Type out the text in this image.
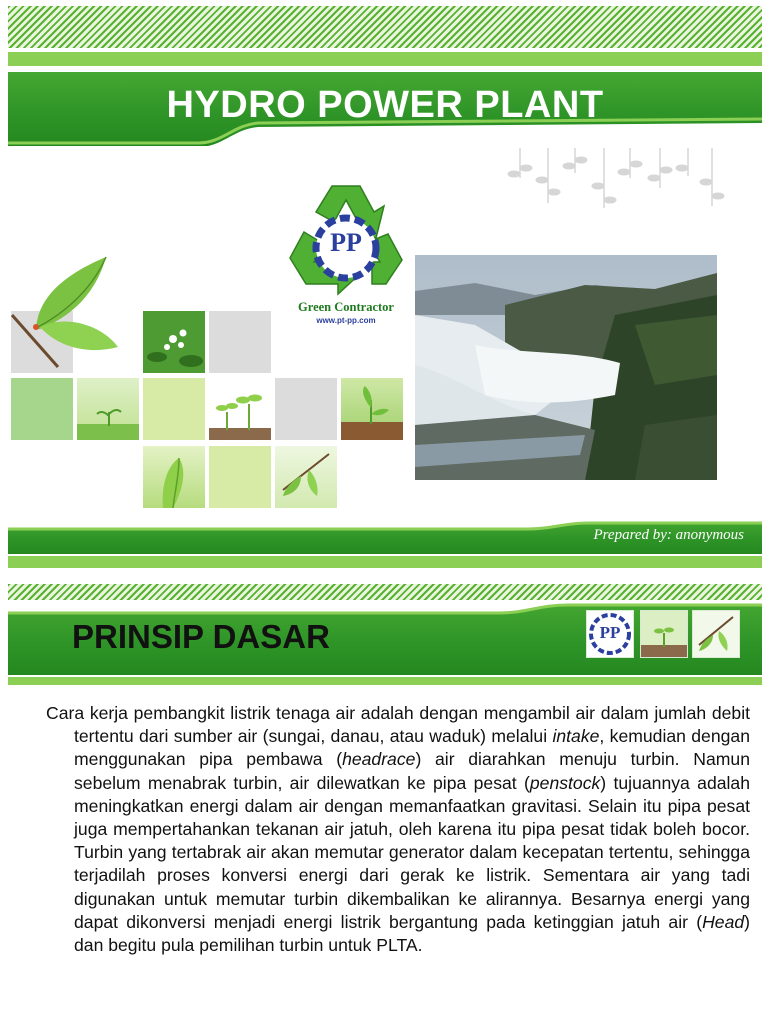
HYDRO POWER PLANT
PP
Green Contractor
www.pt-pp.com
Prepared by: anonymous
PRINSIP DASAR	PP

Cara kerja pembangkit listrik tenaga air adalah dengan mengambil air dalam jumlah debit tertentu dari sumber air (sungai, danau, atau waduk) melalui intake, kemudian dengan menggunakan pipa pembawa (headrace) air diarahkan menuju turbin. Namun sebelum menabrak turbin, air dilewatkan ke pipa pesat (penstock) tujuannya adalah meningkatkan energi dalam air dengan memanfaatkan gravitasi. Selain itu pipa pesat juga mempertahankan tekanan air jatuh, oleh karena itu pipa pesat tidak boleh bocor. Turbin yang tertabrak air akan memutar generator dalam kecepatan tertentu, sehingga terjadilah proses konversi energi dari gerak ke listrik. Sementara air yang tadi digunakan untuk memutar turbin dikembalikan ke alirannya. Besarnya energi yang dapat dikonversi menjadi energi listrik bergantung pada ketinggian jatuh air (Head) dan begitu pula pemilihan turbin untuk PLTA.
